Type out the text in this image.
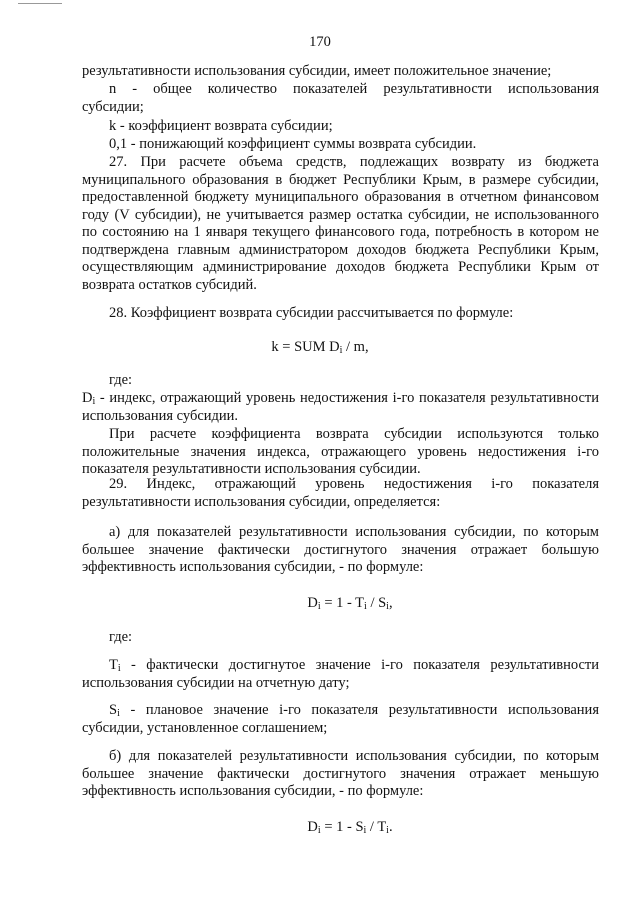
170

результативности использования субсидии, имеет положительное значение;

n - общее количество показателей результативности использования

субсидии;

k - коэффициент возврата субсидии;

0,1 - понижающий коэффициент суммы возврата субсидии.

27. При расчете объема средств, подлежащих возврату из бюджета муниципального образования в бюджет Республики Крым, в размере субсидии, предоставленной бюджету муниципального образования в отчетном финансовом году (V субсидии), не учитывается размер остатка субсидии, не использованного по состоянию на 1 января текущего финансового года, потребность в котором не подтверждена главным администратором доходов бюджета Республики Крым, осуществляющим администрирование доходов бюджета Республики Крым от возврата остатков субсидий.

28. Коэффициент возврата субсидии рассчитывается по формуле:

k = SUM $D_i$ / m,

где:

$D_i$ - индекс, отражающий уровень недостижения i-го показателя результативности использования субсидии.

При расчете коэффициента возврата субсидии используются только положительные значения индекса, отражающего уровень недостижения i-го показателя результативности использования субсидии.

29. Индекс, отражающий уровень недостижения i-го показателя результативности использования субсидии, определяется:

а) для показателей результативности использования субсидии, по которым большее значение фактически достигнутого значения отражает большую эффективность использования субсидии, - по формуле:

$D_i = 1 - T_i / S_i$,

где:

$T_i$ - фактически достигнутое значение i-го показателя результативности использования субсидии на отчетную дату;

$S_i$ - плановое значение i-го показателя результативности использования субсидии, установленное соглашением;

б) для показателей результативности использования субсидии, по которым большее значение фактически достигнутого значения отражает меньшую эффективность использования субсидии, - по формуле:

$D_i = 1 - S_i / T_i$.
